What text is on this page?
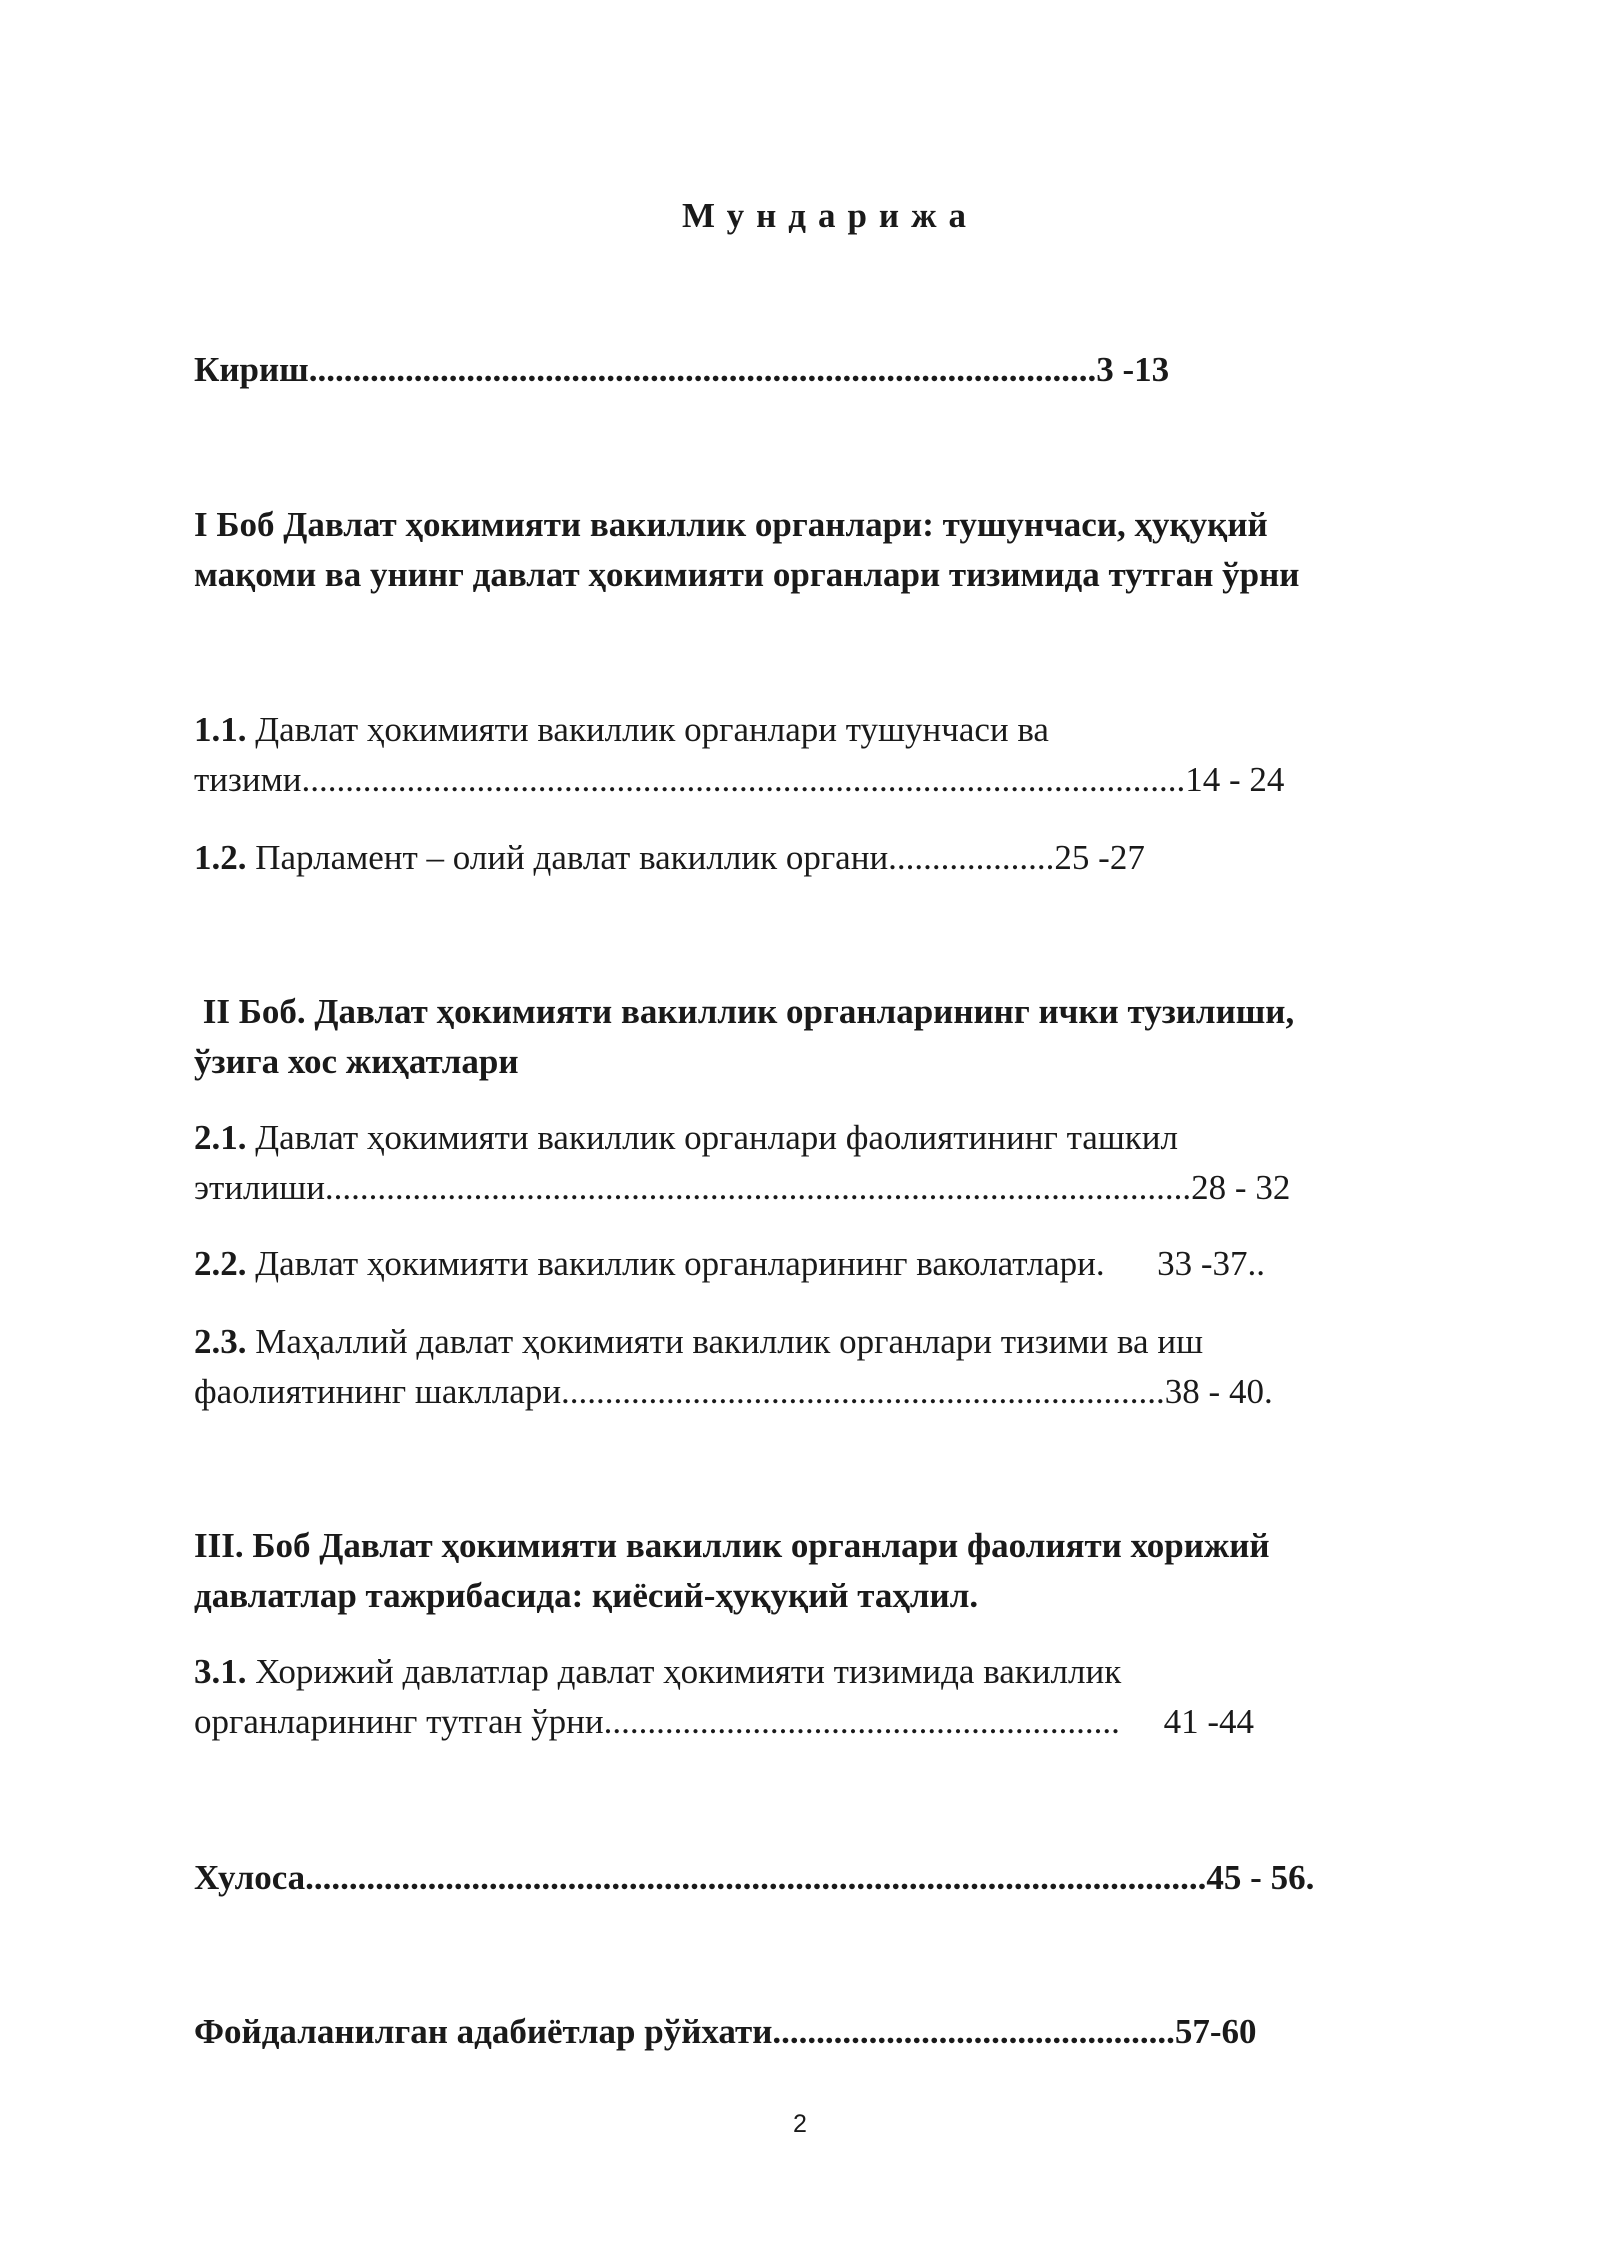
Мундарижа

Кириш..........................................................................................3 -13

I Боб Давлат ҳокимияти вакиллик органлари: тушунчаси, ҳуқуқий

мақоми ва унинг давлат ҳокимияти органлари тизимида тутган ўрни

1.1. Давлат ҳокимияти вакиллик органлари тушунчаси ва

тизими.....................................................................................................14 - 24

1.2. Парламент – олий давлат вакиллик органи...................25 -27

II Боб. Давлат ҳокимияти вакиллик органларининг ички тузилиши,

ўзига хос жиҳатлари

2.1. Давлат ҳокимияти вакиллик органлари фаолиятининг ташкил

этилиши...................................................................................................28 - 32

2.2. Давлат ҳокимияти вакиллик органларининг ваколатлари.      33 -37..

2.3. Маҳаллий давлат ҳокимияти вакиллик органлари тизими ва иш

фаолиятининг шакллари.....................................................................38 - 40.

III. Боб Давлат ҳокимияти вакиллик органлари фаолияти хорижий

давлатлар тажрибасида: қиёсий-ҳуқуқий таҳлил.

3.1. Хорижий давлатлар давлат ҳокимияти тизимида вакиллик

органларининг тутган ўрни...........................................................     41 -44

Хулоса.......................................................................................................45 - 56.

Фойдаланилган адабиётлар рўйхати..............................................57-60

2
